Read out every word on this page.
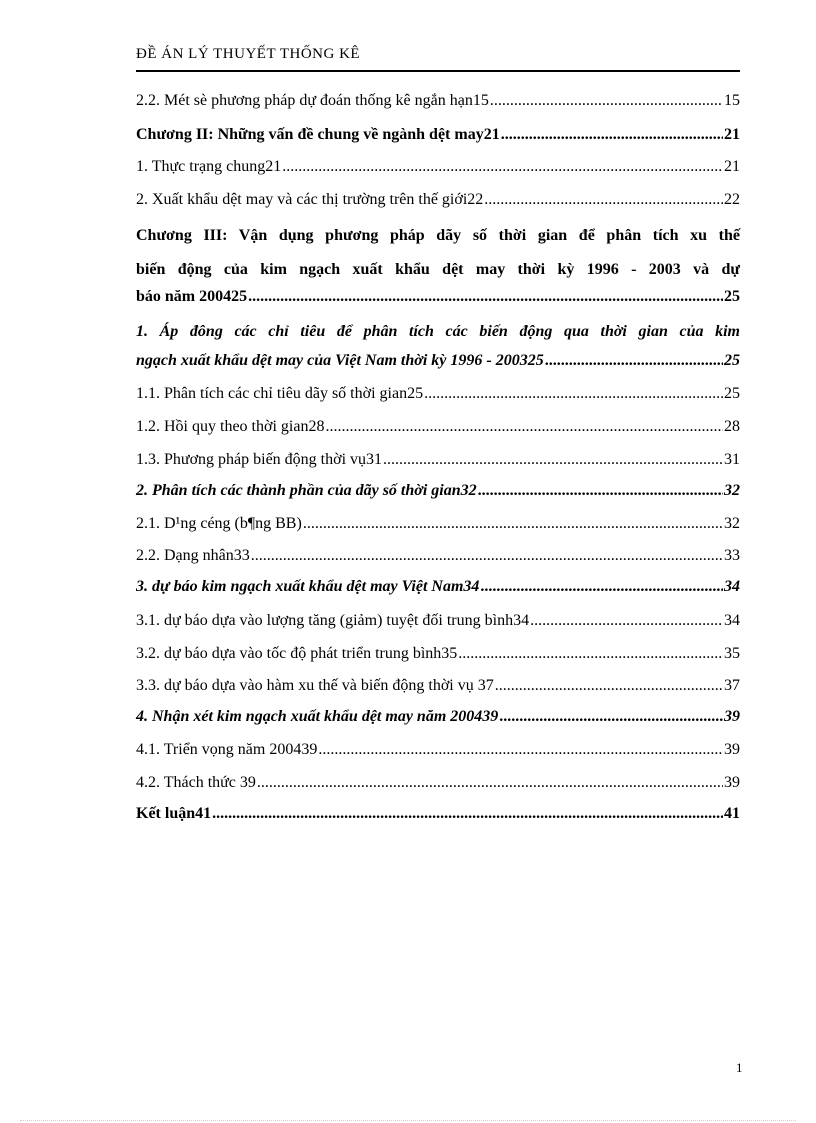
ĐỀ ÁN LÝ THUYẾT THỐNG KÊ
2.2. Mét sè phương pháp dự đoán thống kê ngắn hạn15 .....	15
Chương II: Những vấn đề chung về ngành dệt may21 .....	21
1. Thực trạng chung21 .....	21
2. Xuất khẩu dệt may và các thị trường trên thế giới22 .....	22
Chương III: Vận dụng phương pháp dãy số thời gian để phân tích xu thế
biến động của kim ngạch xuất khẩu dệt may thời kỳ 1996 - 2003 và dự
báo năm 200425 .....	25
1. Áp đông các chỉ tiêu để phân tích các biến động qua thời gian của kim
ngạch xuất khẩu dệt may của Việt Nam thời kỳ 1996 - 200325 .....	25
1.1. Phân tích các chỉ tiêu dãy số thời gian25 .....	25
1.2. Hồi quy theo thời gian28 .....	28
1.3. Phương pháp biến động thời vụ31 .....	31
2. Phân tích các thành phần của dãy số thời gian32 .....	32
2.1. D¹ng céng (b¶ng BB) .....	32
2.2. Dạng nhân33 .....	33
3. dự báo kim ngạch xuất khẩu dệt may Việt Nam34 .....	34
3.1. dự báo dựa vào lượng tăng (giảm) tuyệt đối trung bình34 .....	34
3.2. dự báo dựa vào tốc độ phát triển trung bình35 .....	35
3.3. dự báo dựa vào hàm xu thế và biến động thời vụ 37 .....	37
4. Nhận xét kim ngạch xuất khẩu dệt may năm 200439 .....	39
4.1. Triển vọng năm 200439 .....	39
4.2. Thách thức 39 .....	39
Kết luận41 .....	41
1
